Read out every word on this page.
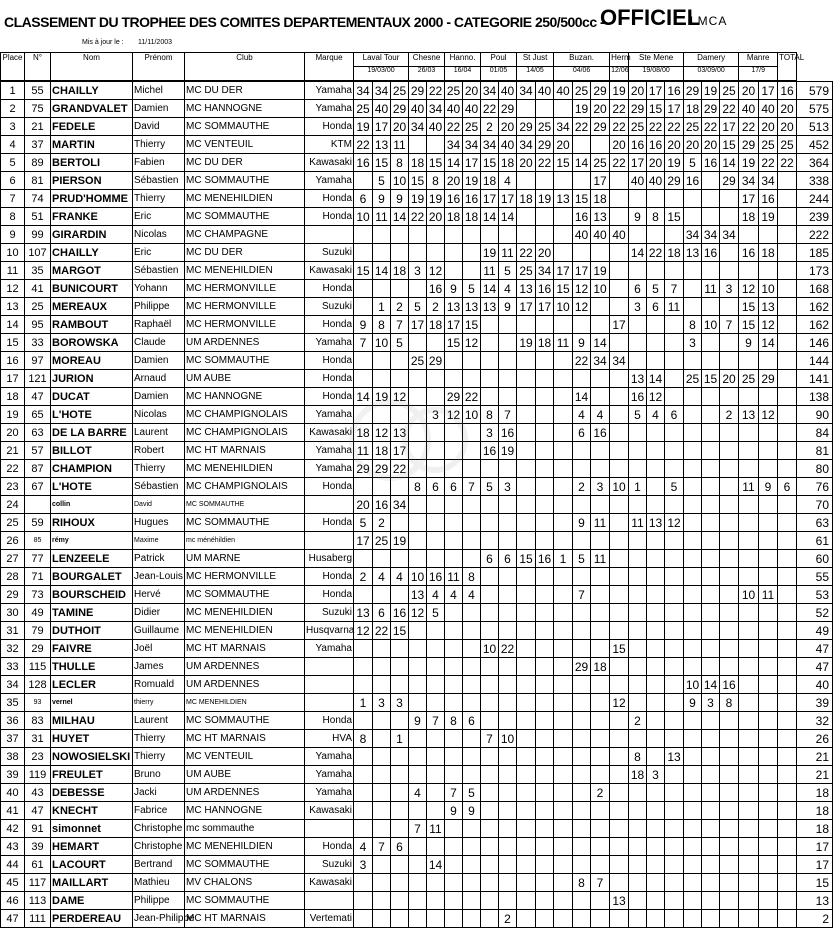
CLASSEMENT DU TROPHEE DES COMITES DEPARTEMENTAUX 2000 - CATEGORIE 250/500cc -
OFFICIEL
LMCA
Mis à jour le : 11/11/2003
Place	N°	Nom	Prénom	Club	Marque	Laval Tour	Chesne	Hanno.	Poul	St Just	Buzan.	Herm	Ste Mene	Damery	Manre	TOTAL
						19/03/00	26/03	16/04	01/05	14/05	04/06	12/06	19/08/00	03/09/00	17/9	
1	55	CHAILLY	Michel	MC DU DER	Yamaha	34	34	25	29	22	25	20	34	40	34	40	40	25	29	19	20	17	16	29	19	25	20	17	16	579
2	75	GRANDVALET	Damien	MC HANNOGNE	Yamaha	25	40	29	40	34	40	40	22	29				19	20	22	29	15	17	18	29	22	40	40	20	575
3	21	FEDELE	David	MC SOMMAUTHE	Honda	19	17	20	34	40	22	25	2	20	29	25	34	22	29	22	25	22	22	25	22	17	22	20	20	513
4	37	MARTIN	Thierry	MC VENTEUIL	KTM	22	13	11			34	34	34	40	34	29	20			20	16	16	20	20	20	15	29	25	25	452
5	89	BERTOLI	Fabien	MC DU DER	Kawasaki	16	15	8	18	15	14	17	15	18	20	22	15	14	25	22	17	20	19	5	16	14	19	22	22	364
6	81	PIERSON	Sébastien	MC SOMMAUTHE	Yamaha		5	10	15	8	20	19	18	4					17		40	40	29	16		29	34	34		338
7	74	PRUD'HOMME	Thierry	MC MENEHILDIEN	Honda	6	9	9	19	19	16	16	17	17	18	19	13	15	18								17	16		244
8	51	FRANKE	Eric	MC SOMMAUTHE	Honda	10	11	14	22	20	18	18	14	14				16	13		9	8	15				18	19		239
9	99	GIRARDIN	Nicolas	MC CHAMPAGNE														40	40	40				34	34	34				222
10	107	CHAILLY	Eric	MC DU DER	Suzuki								19	11	22	20					14	22	18	13	16		16	18		185
11	35	MARGOT	Sébastien	MC MENEHILDIEN	Kawasaki	15	14	18	3	12			11	5	25	34	17	17	19											173
12	41	BUNICOURT	Yohann	MC HERMONVILLE	Honda					16	9	5	14	4	13	16	15	12	10		6	5	7		11	3	12	10		168
13	25	MEREAUX	Philippe	MC HERMONVILLE	Suzuki		1	2	5	2	13	13	13	9	17	17	10	12			3	6	11				15	13		162
14	95	RAMBOUT	Raphaël	MC HERMONVILLE	Honda	9	8	7	17	18	17	15								17				8	10	7	15	12		162
15	33	BOROWSKA	Claude	UM ARDENNES	Yamaha	7	10	5			15	12			19	18	11	9	14					3			9	14		146
16	97	MOREAU	Damien	MC SOMMAUTHE	Honda				25	29								22	34	34										144
17	121	JURION	Arnaud	UM AUBE	Honda																13	14		25	15	20	25	29		141
18	47	DUCAT	Damien	MC HANNOGNE	Honda	14	19	12			29	22						14			16	12								138
19	65	L'HOTE	Nicolas	MC CHAMPIGNOLAIS	Yamaha					3	12	10	8	7				4	4		5	4	6			2	13	12		90
20	63	DE LA BARRE	Laurent	MC CHAMPIGNOLAIS	Kawasaki	18	12	13					3	16				6	16											84
21	57	BILLOT	Robert	MC HT MARNAIS	Yamaha	11	18	17					16	19																81
22	87	CHAMPION	Thierry	MC MENEHILDIEN	Yamaha	29	29	22																						80
23	67	L'HOTE	Sébastien	MC CHAMPIGNOLAIS	Honda				8	6	6	7	5	3				2	3	10	1		5				11	9	6	76
24		collin	David	MC SOMMAUTHE		20	16	34																						70
25	59	RIHOUX	Hugues	MC SOMMAUTHE	Honda	5	2											9	11		11	13	12							63
26	85	rémy	Maxime	mc ménéhildien		17	25	19																						61
27	77	LENZEELE	Patrick	UM MARNE	Husaberg								6	6	15	16	1	5	11											60
28	71	BOURGALET	Jean-Louis	MC HERMONVILLE	Honda	2	4	4	10	16	11	8																		55
29	73	BOURSCHEID	Hervé	MC SOMMAUTHE	Honda				13	4	4	4						7									10	11		53
30	49	TAMINE	Didier	MC MENEHILDIEN	Suzuki	13	6	16	12	5																				52
31	79	DUTHOIT	Guillaume	MC MENEHILDIEN	Husqvarna	12	22	15																						49
32	29	FAIVRE	Joël	MC HT MARNAIS	Yamaha								10	22						15										47
33	115	THULLE	James	UM ARDENNES														29	18											47
34	128	LECLER	Romuald	UM ARDENNES																				10	14	16				40
35	93	vernel	thierry	MC MENEHILDIEN		1	3	3												12				9	3	8				39
36	83	MILHAU	Laurent	MC SOMMAUTHE	Honda				9	7	8	6									2									32
37	31	HUYET	Thierry	MC HT MARNAIS	HVA	8		1					7	10																26
38	23	NOWOSIELSKI	Thierry	MC VENTEUIL	Yamaha																8		13							21
39	119	FREULET	Bruno	UM AUBE	Yamaha																18	3								21
40	43	DEBESSE	Jacki	UM ARDENNES	Yamaha				4		7	5							2											18
41	47	KNECHT	Fabrice	MC HANNOGNE	Kawasaki						9	9																		18
42	91	simonnet	Christophe	mc sommauthe					7	11																				18
43	39	HEMART	Christophe	MC MENEHILDIEN	Honda	4	7	6																						17
44	61	LACOURT	Bertrand	MC SOMMAUTHE	Suzuki	3				14																				17
45	117	MAILLART	Mathieu	MV CHALONS	Kawasaki													8	7											15
46	113	DAME	Philippe	MC SOMMAUTHE																13										13
47	111	PERDEREAU	Jean-Philippe	MC HT MARNAIS	Vertemati									2																2
